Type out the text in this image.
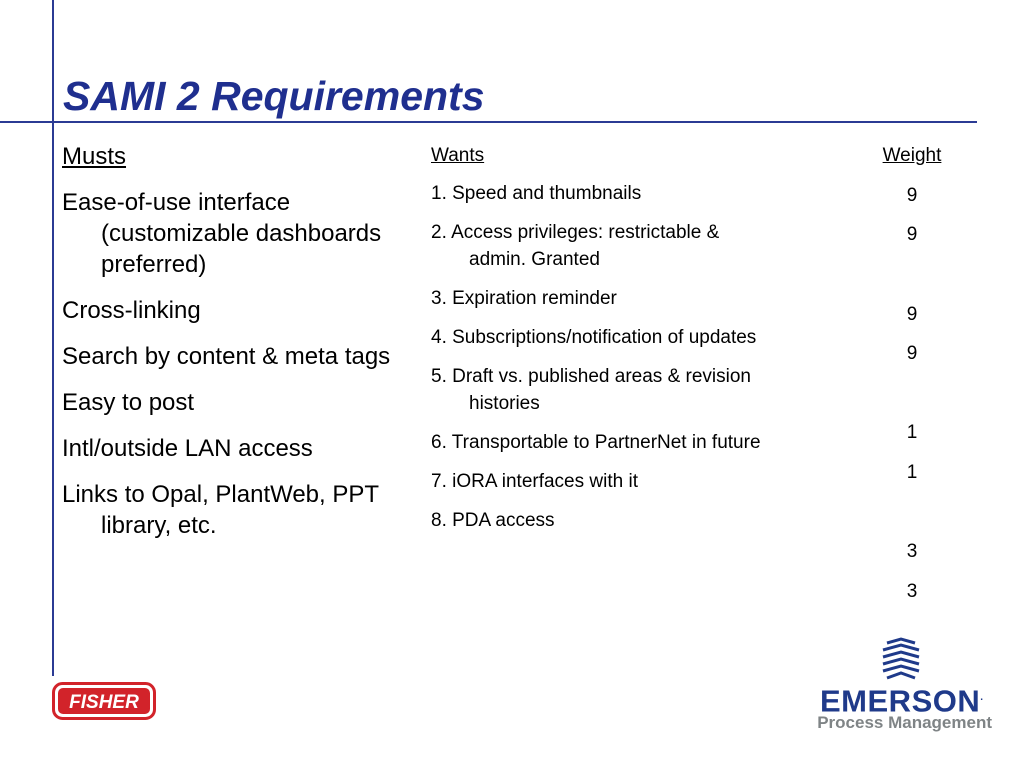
SAMI 2 Requirements
Musts
Ease-of-use interface (customizable dashboards preferred)
Cross-linking
Search by content & meta tags
Easy to post
Intl/outside LAN access
Links to Opal, PlantWeb, PPT library, etc.
Wants
1. Speed and thumbnails
2. Access privileges: restrictable & admin. Granted
3. Expiration reminder
4. Subscriptions/notification of updates
5. Draft vs. published areas & revision histories
6. Transportable to PartnerNet in future
7. iORA interfaces with it
8. PDA access
Weight
9
9
9
9
1
1
3
3
FISHER	EMERSON.
Process Management
